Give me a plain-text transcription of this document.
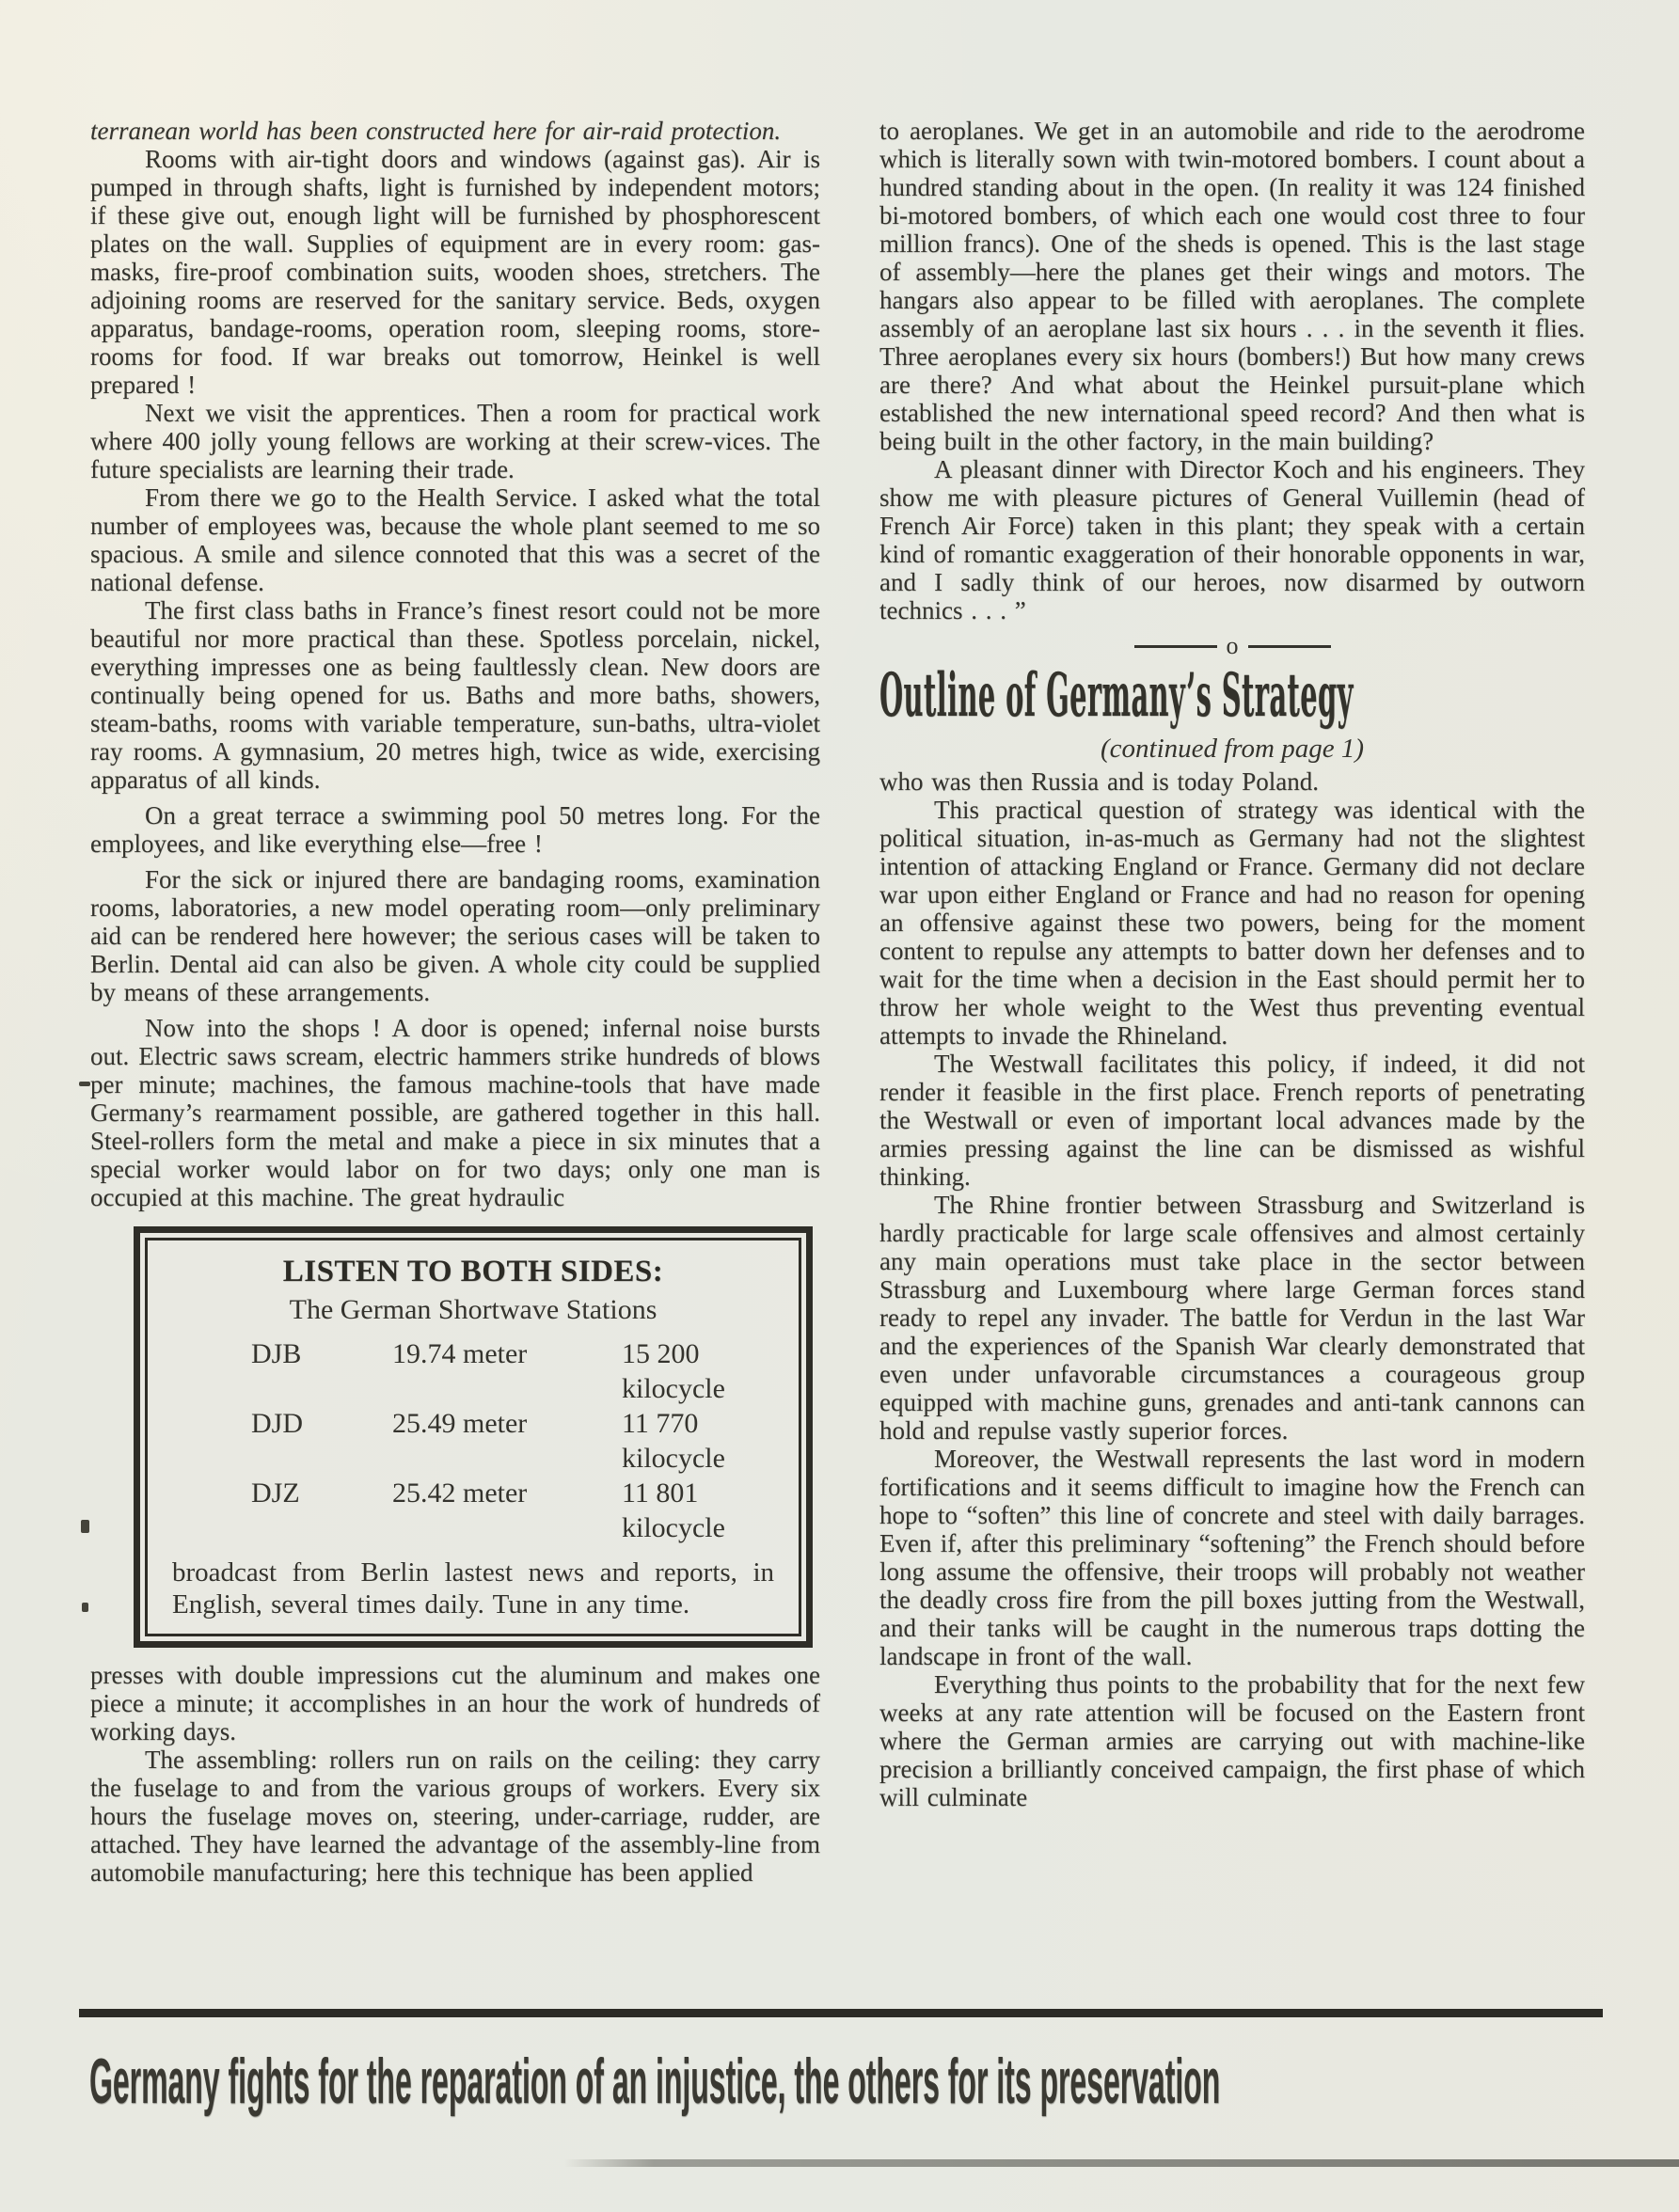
terranean world has been constructed here for air-raid protection.

Rooms with air-tight doors and windows (against gas). Air is pumped in through shafts, light is furnished by independent motors; if these give out, enough light will be furnished by phosphorescent plates on the wall. Supplies of equipment are in every room: gas-masks, fire-proof combination suits, wooden shoes, stretchers. The adjoining rooms are reserved for the sanitary service. Beds, oxygen apparatus, bandage-rooms, operation room, sleeping rooms, store-rooms for food. If war breaks out tomorrow, Heinkel is well prepared !

Next we visit the apprentices. Then a room for practical work where 400 jolly young fellows are working at their screw-vices. The future specialists are learning their trade.

From there we go to the Health Service. I asked what the total number of employees was, because the whole plant seemed to me so spacious. A smile and silence connoted that this was a secret of the national defense.

The first class baths in France’s finest resort could not be more beautiful nor more practical than these. Spotless porcelain, nickel, everything impresses one as being faultlessly clean. New doors are continually being opened for us. Baths and more baths, showers, steam-baths, rooms with variable temperature, sun-baths, ultra-violet ray rooms. A gymnasium, 20 metres high, twice as wide, exercising apparatus of all kinds.

On a great terrace a swimming pool 50 metres long. For the employees, and like everything else—free !

For the sick or injured there are bandaging rooms, examination rooms, laboratories, a new model operating room—only preliminary aid can be rendered here however; the serious cases will be taken to Berlin. Dental aid can also be given. A whole city could be supplied by means of these arrangements.

Now into the shops ! A door is opened; infernal noise bursts out. Electric saws scream, electric hammers strike hundreds of blows per minute; machines, the famous machine-tools that have made Germany’s rearmament possible, are gathered together in this hall. Steel-rollers form the metal and make a piece in six minutes that a special worker would labor on for two days; only one man is occupied at this machine. The great hydraulic

LISTEN TO BOTH SIDES:
The German Shortwave Stations
DJB	19.74 meter	15 200 kilocycle
DJD	25.49 meter	11 770 kilocycle
DJZ	25.42 meter	11 801 kilocycle

broadcast from Berlin lastest news and reports, in English, several times daily. Tune in any time.

presses with double impressions cut the aluminum and makes one piece a minute; it accomplishes in an hour the work of hundreds of working days.

The assembling: rollers run on rails on the ceiling: they carry the fuselage to and from the various groups of workers. Every six hours the fuselage moves on, steering, under-carriage, rudder, are attached. They have learned the advantage of the assembly-line from automobile manufacturing; here this technique has been applied

to aeroplanes. We get in an automobile and ride to the aerodrome which is literally sown with twin-motored bombers. I count about a hundred standing about in the open. (In reality it was 124 finished bi-motored bombers, of which each one would cost three to four million francs). One of the sheds is opened. This is the last stage of assembly—here the planes get their wings and motors. The hangars also appear to be filled with aeroplanes. The complete assembly of an aeroplane last six hours . . . in the seventh it flies. Three aeroplanes every six hours (bombers!) But how many crews are there? And what about the Heinkel pursuit-plane which established the new international speed record? And then what is being built in the other factory, in the main building?

A pleasant dinner with Director Koch and his engineers. They show me with pleasure pictures of General Vuillemin (head of French Air Force) taken in this plant; they speak with a certain kind of romantic exaggeration of their honorable opponents in war, and I sadly think of our heroes, now disarmed by outworn technics . . . ”

o
Outline of Germany’s Strategy
(continued from page 1)

who was then Russia and is today Poland.

This practical question of strategy was identical with the political situation, in-as-much as Germany had not the slightest intention of attacking England or France. Germany did not declare war upon either England or France and had no reason for opening an offensive against these two powers, being for the moment content to repulse any attempts to batter down her defenses and to wait for the time when a decision in the East should permit her to throw her whole weight to the West thus preventing eventual attempts to invade the Rhineland.

The Westwall facilitates this policy, if indeed, it did not render it feasible in the first place. French reports of penetrating the Westwall or even of important local advances made by the armies pressing against the line can be dismissed as wishful thinking.

The Rhine frontier between Strassburg and Switzerland is hardly practicable for large scale offensives and almost certainly any main operations must take place in the sector between Strassburg and Luxembourg where large German forces stand ready to repel any invader. The battle for Verdun in the last War and the experiences of the Spanish War clearly demonstrated that even under unfavorable circumstances a courageous group equipped with machine guns, grenades and anti-tank cannons can hold and repulse vastly superior forces.

Moreover, the Westwall represents the last word in modern fortifications and it seems difficult to imagine how the French can hope to “soften” this line of concrete and steel with daily barrages. Even if, after this preliminary “softening” the French should before long assume the offensive, their troops will probably not weather the deadly cross fire from the pill boxes jutting from the Westwall, and their tanks will be caught in the numerous traps dotting the landscape in front of the wall.

Everything thus points to the probability that for the next few weeks at any rate attention will be focused on the Eastern front where the German armies are carrying out with machine-like precision a brilliantly conceived campaign, the first phase of which will culminate

Germany fights for the reparation of an injustice, the others for its preservation
